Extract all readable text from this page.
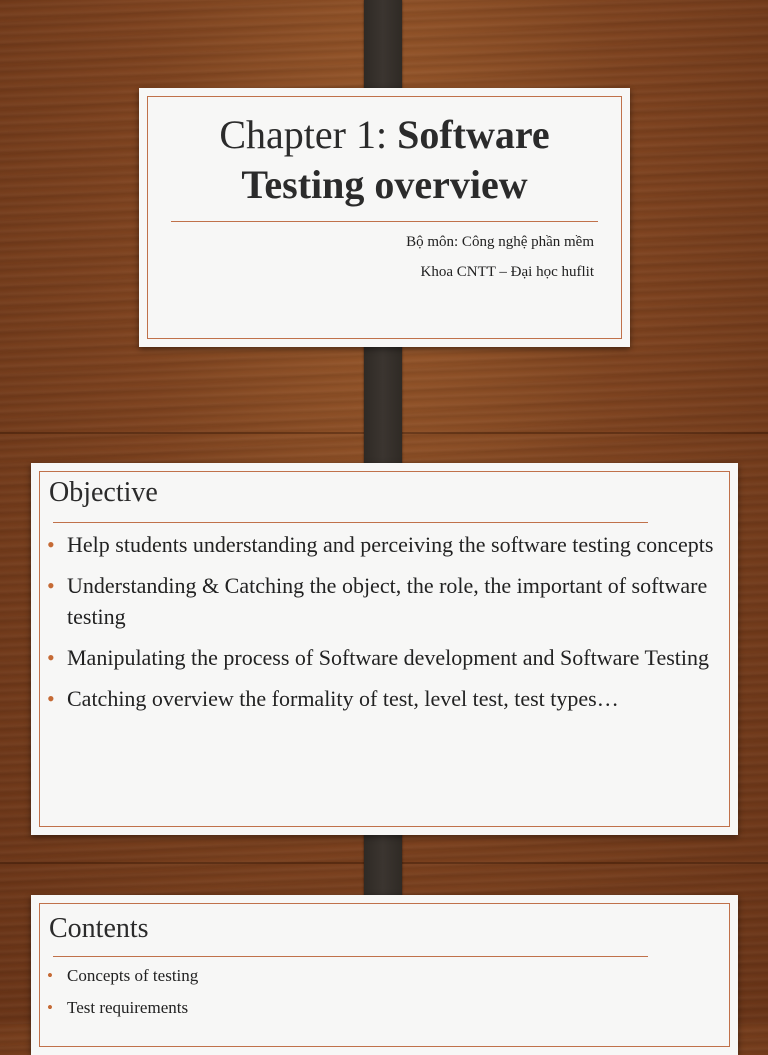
Chapter 1: Software
Testing overview
Bộ môn: Công nghệ phần mềm
Khoa CNTT – Đại học huflit
Objective
• Help students understanding and perceiving the software testing concepts
• Understanding & Catching the object, the role, the important of software testing
• Manipulating the process of Software development and Software Testing
• Catching overview the formality of test, level test, test types…
Contents
• Concepts of testing
• Test requirements
